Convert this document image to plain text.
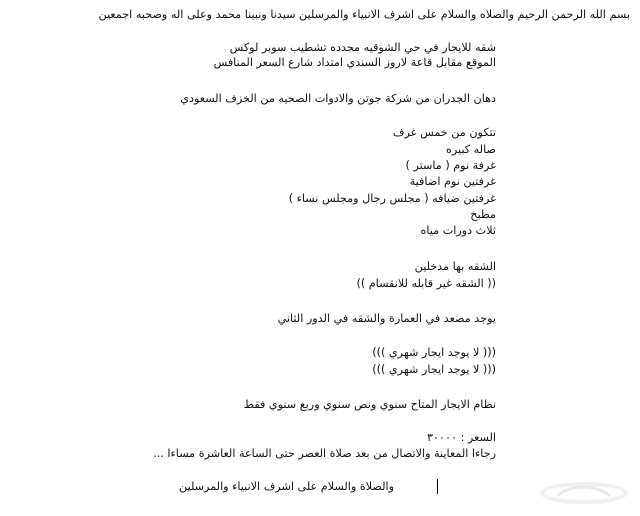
بسم الله الرحمن الرحيم والصلاه والسلام على اشرف الانبياء والمرسلين سيدنا ونبينا محمد وعلى اله وصحبه اجمعين
شقه للايجار في حي الشوقيه مجدده تشطيب سوبر لوكس
الموقع مقابل قاعة لاروز السندي امتداد شارع السعر المنافس
دهان الجدران من شركة جوتن والادوات الصحيه من الخزف السعودي
تتكون من خمس غرف
صاله كبيره
غرفة نوم ( ماستر )
غرفتين نوم اضافية
غرفتين ضيافه ( مجلس رجال ومجلس نساء )
مطبخ
ثلاث دورات مياه
الشقه بها مدخلين
(( الشقه غير قابله للانقسام ))
يوجد مصعد في العمارة والشقه في الدور الثاني
((( لا يوجد ايجار شهري )))
((( لا يوجد ايجار شهري )))
نظام الايجار المتاح سنوي ونص سنوي وربع سنوي فقط
السعر : ٣٠٠٠٠
رجاءا المعاينة والاتصال من بعد صلاة العصر حتى الساعة العاشرة مساءا ...
والصلاة والسلام على اشرف الانبياء والمرسلين
